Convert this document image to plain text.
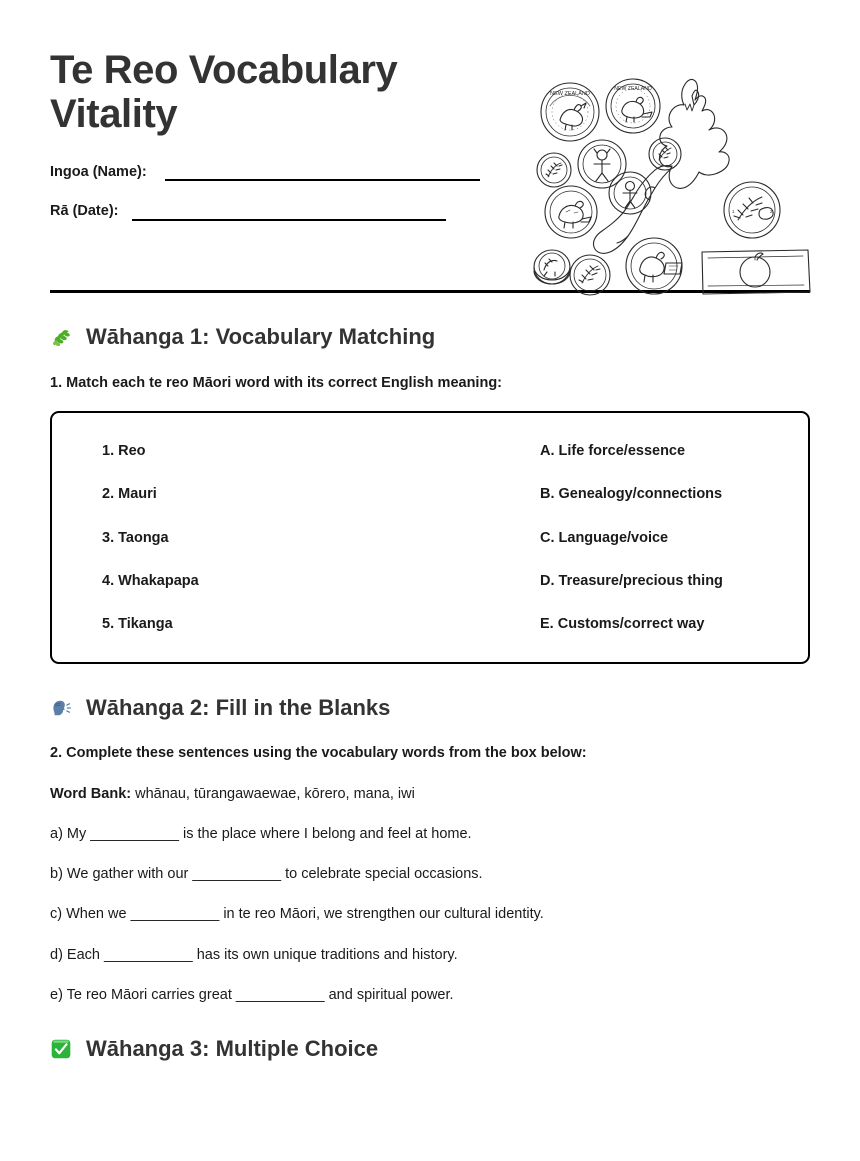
Te Reo Vocabulary Vitality
Ingoa (Name):
Rā (Date):
NEW ZEALAND
NEW ZEALAND
1	2
Wāhanga 1: Vocabulary Matching

1. Match each te reo Māori word with its correct English meaning:

1. Reo
2. Mauri
3. Taonga
4. Whakapapa
5. Tikanga
A. Life force/essence
B. Genealogy/connections
C. Language/voice
D. Treasure/precious thing
E. Customs/correct way
Wāhanga 2: Fill in the Blanks

2. Complete these sentences using the vocabulary words from the box below:

Word Bank: whānau, tūrangawaewae, kōrero, mana, iwi

a) My ___________ is the place where I belong and feel at home.

b) We gather with our ___________ to celebrate special occasions.

c) When we ___________ in te reo Māori, we strengthen our cultural identity.

d) Each ___________ has its own unique traditions and history.

e) Te reo Māori carries great ___________ and spiritual power.

Wāhanga 3: Multiple Choice
